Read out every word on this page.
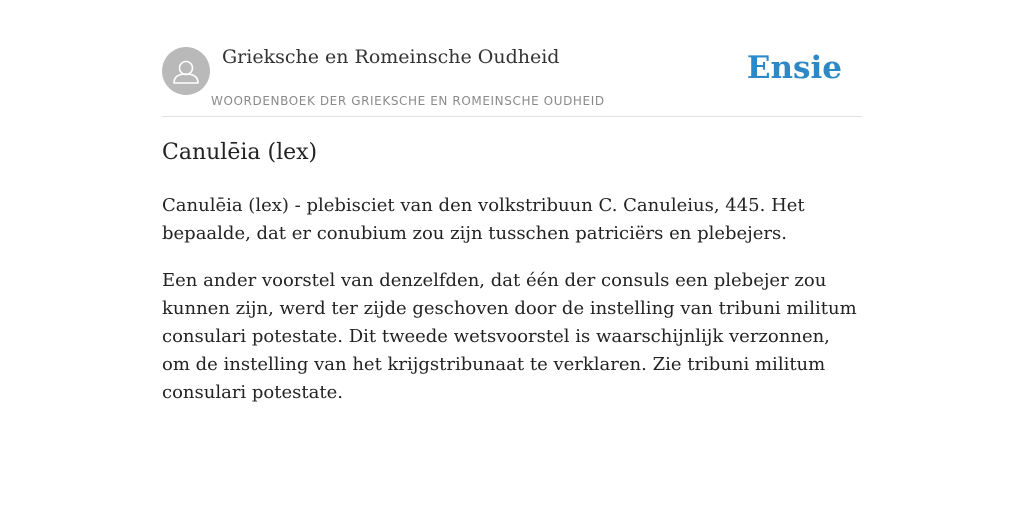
Grieksche en Romeinsche Oudheid
WOORDENBOEK DER GRIEKSCHE EN ROMEINSCHE OUDHEID
Ensie
Canulēia (lex)

Canulēia (lex) - plebisciet van den volkstribuun C. Canuleius, 445. Het bepaalde, dat er conubium zou zijn tusschen patriciërs en plebejers.

Een ander voorstel van denzelfden, dat één der consuls een plebejer zou kunnen zijn, werd ter zijde geschoven door de instelling van tribuni militum consulari potestate. Dit tweede wetsvoorstel is waarschijnlijk verzonnen, om de instelling van het krijgstribunaat te verklaren. Zie tribuni militum consulari potestate.
